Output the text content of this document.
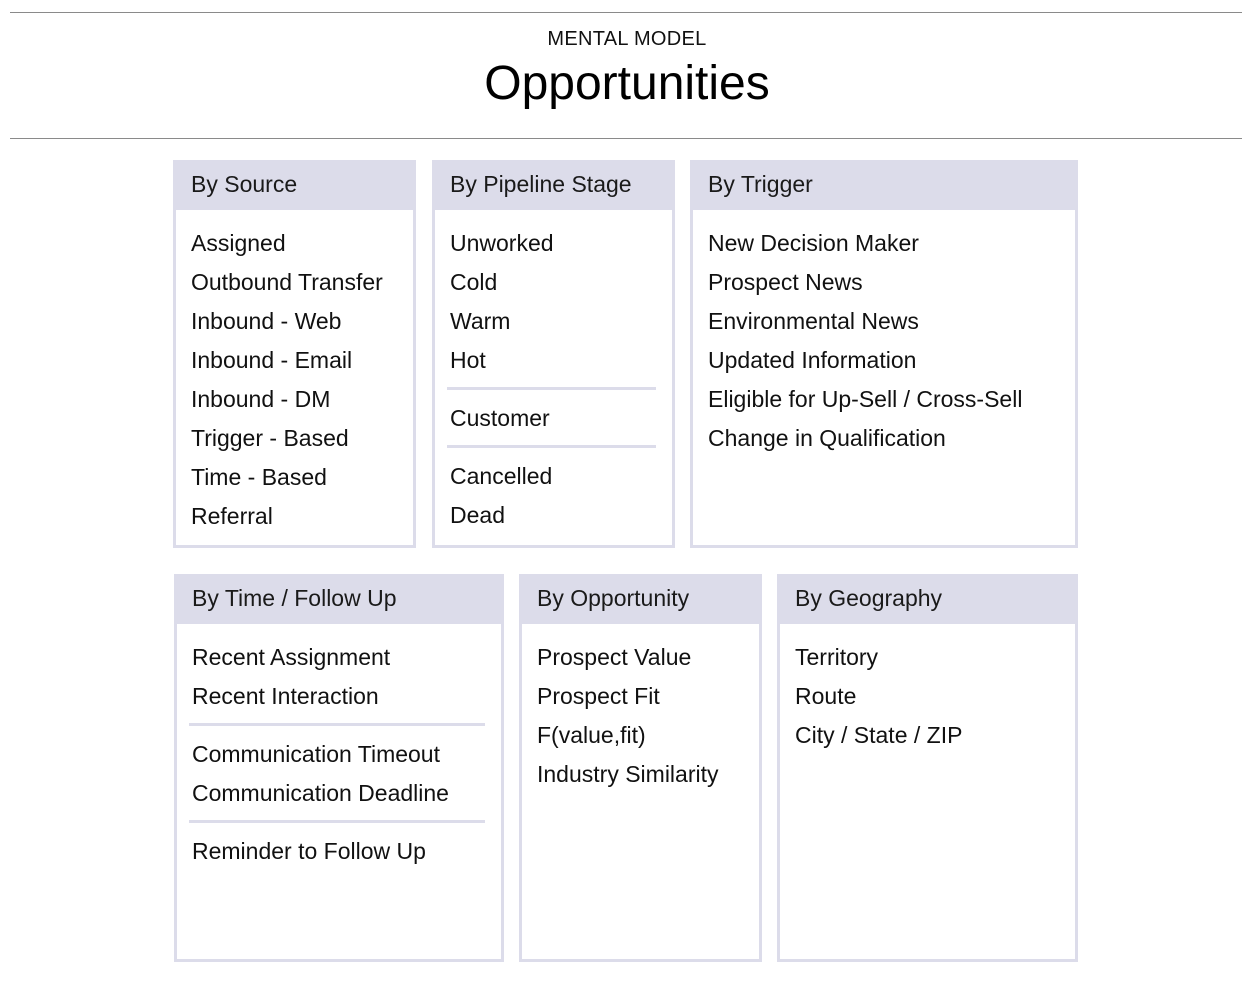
MENTAL MODEL
Opportunities
By Source
Assigned
Outbound Transfer
Inbound - Web
Inbound - Email
Inbound - DM
Trigger - Based
Time - Based
Referral
By Pipeline Stage
Unworked
Cold
Warm
Hot
Customer
Cancelled
Dead
By Trigger
New Decision Maker
Prospect News
Environmental News
Updated Information
Eligible for Up-Sell / Cross-Sell
Change in Qualification
By Time / Follow Up
Recent Assignment
Recent Interaction
Communication Timeout
Communication Deadline
Reminder to Follow Up
By Opportunity
Prospect Value
Prospect Fit
F(value,fit)
Industry Similarity
By Geography
Territory
Route
City / State / ZIP
